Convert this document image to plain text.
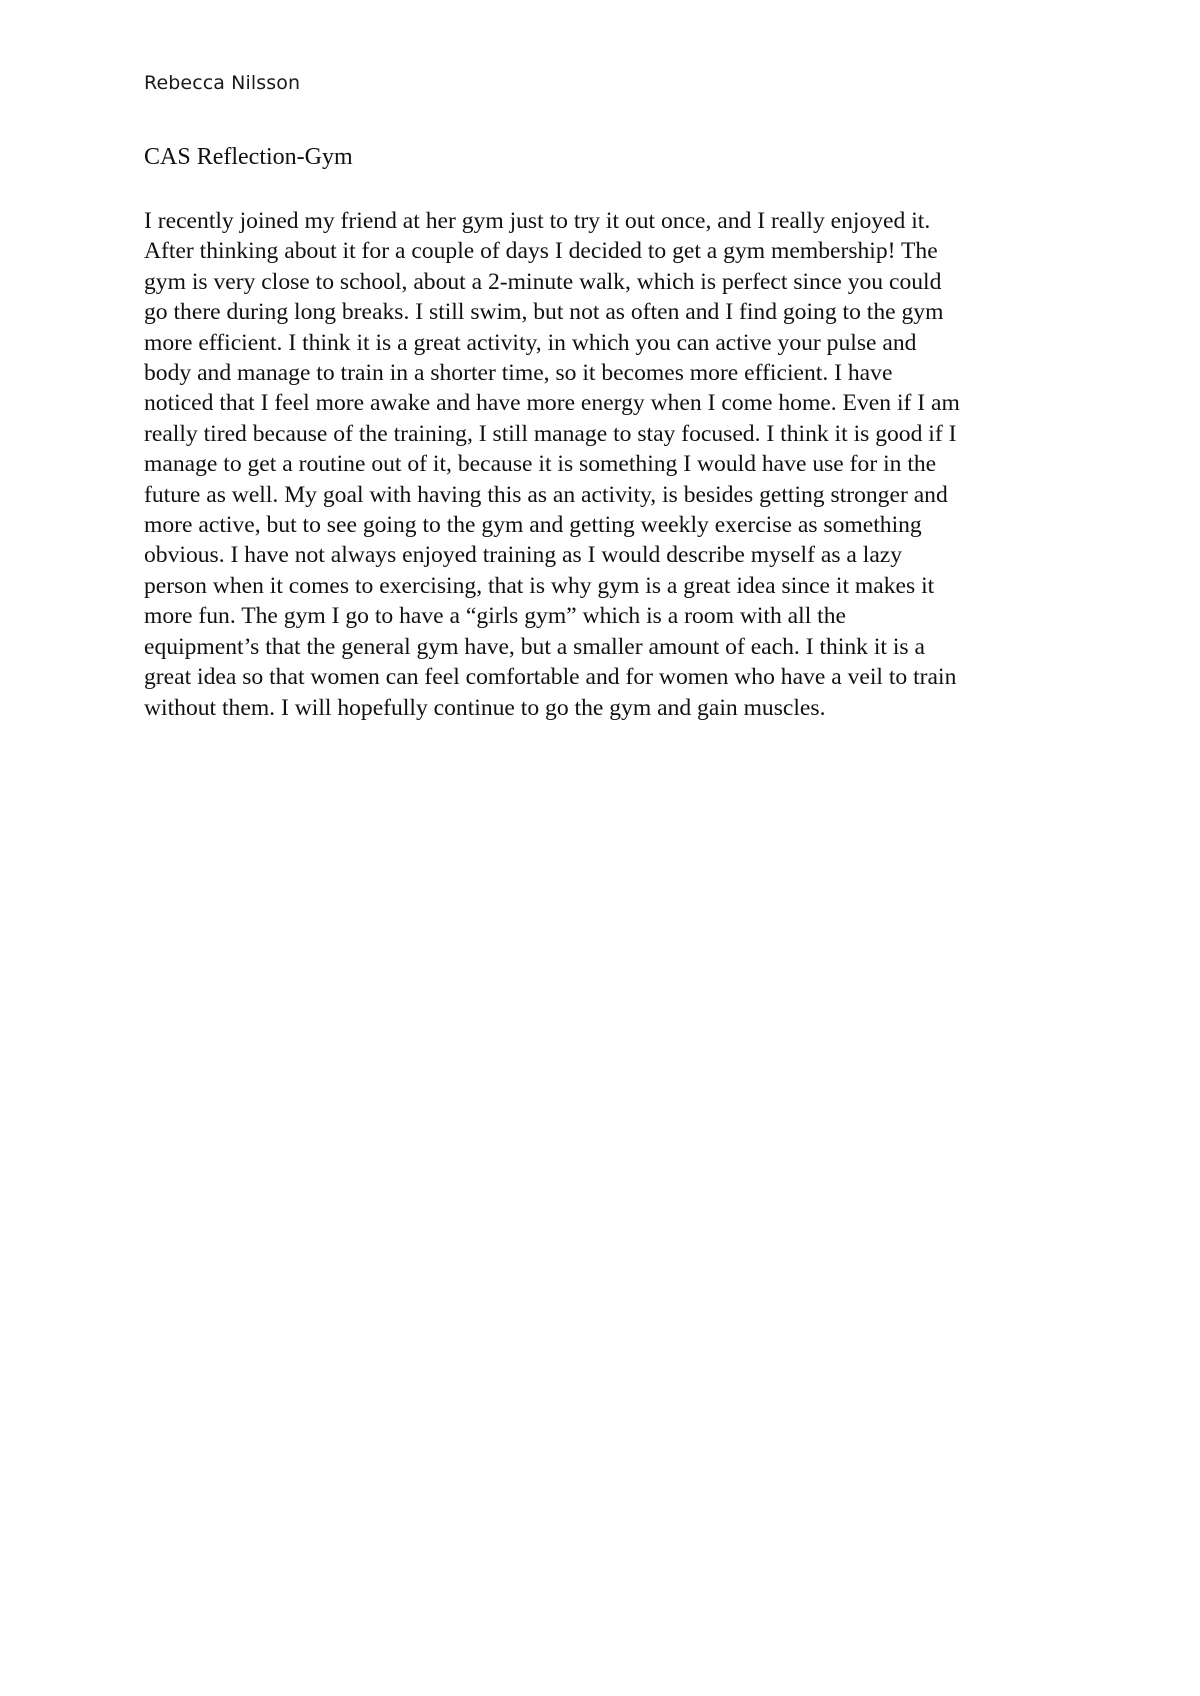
Rebecca Nilsson
CAS Reflection-Gym

I recently joined my friend at her gym just to try it out once, and I really enjoyed it.
After thinking about it for a couple of days I decided to get a gym membership! The
gym is very close to school, about a 2-minute walk, which is perfect since you could
go there during long breaks. I still swim, but not as often and I find going to the gym
more efficient. I think it is a great activity, in which you can active your pulse and
body and manage to train in a shorter time, so it becomes more efficient. I have
noticed that I feel more awake and have more energy when I come home. Even if I am
really tired because of the training, I still manage to stay focused. I think it is good if I
manage to get a routine out of it, because it is something I would have use for in the
future as well. My goal with having this as an activity, is besides getting stronger and
more active, but to see going to the gym and getting weekly exercise as something
obvious. I have not always enjoyed training as I would describe myself as a lazy
person when it comes to exercising, that is why gym is a great idea since it makes it
more fun. The gym I go to have a “girls gym” which is a room with all the
equipment’s that the general gym have, but a smaller amount of each. I think it is a
great idea so that women can feel comfortable and for women who have a veil to train
without them. I will hopefully continue to go the gym and gain muscles.
